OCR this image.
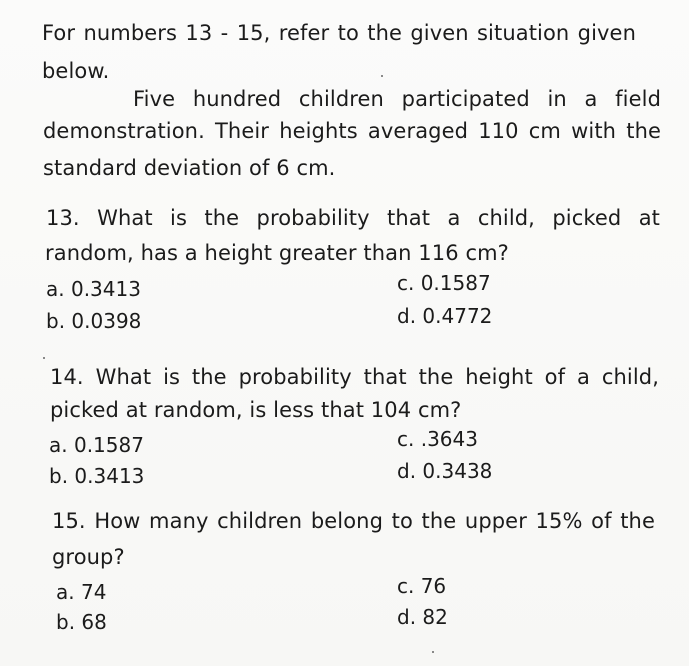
For numbers 13 - 15, refer to the given situation given
below.
Five hundred children participated in a field
demonstration. Their heights averaged 110 cm with the
standard deviation of 6 cm.
13. What is the probability that a child, picked at
random, has a height greater than 116 cm?
a. 0.3413	c. 0.1587
b. 0.0398	d. 0.4772
14. What is the probability that the height of a child,
picked at random, is less that 104 cm?
a. 0.1587	c. .3643
b. 0.3413	d. 0.3438
15. How many children belong to the upper 15% of the
group?
a. 74	c. 76
b. 68	d. 82
